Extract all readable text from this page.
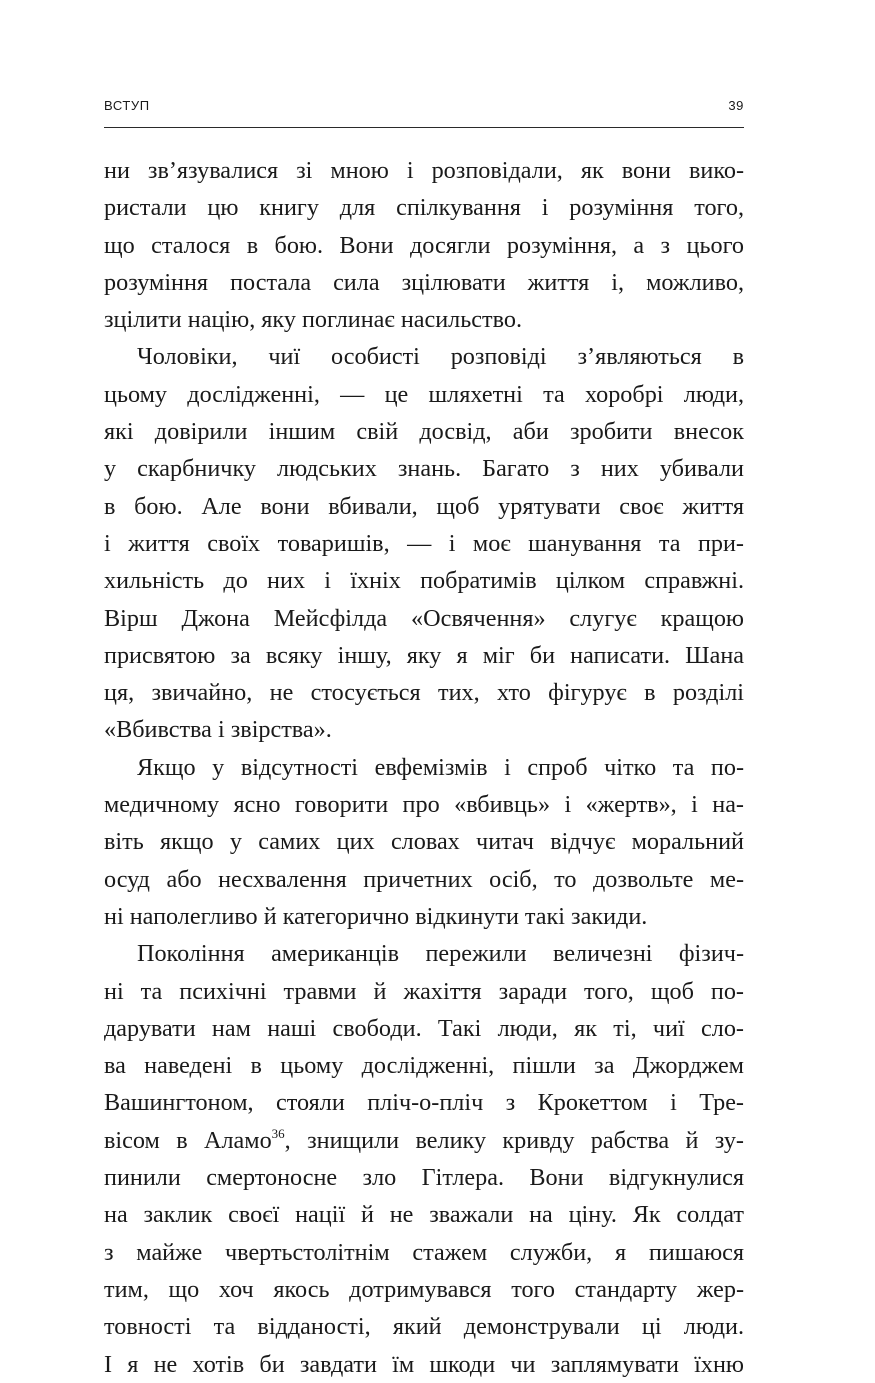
ВСТУП	39
ни зв’язувалися зі мною і розповідали, як вони вико-
ристали цю книгу для спілкування і розуміння того,
що сталося в бою. Вони досягли розуміння, а з цього
розуміння постала сила зцілювати життя і, можливо,
зцілити націю, яку поглинає насильство.
Чоловіки, чиї особисті розповіді з’являються в
цьому дослідженні, — це шляхетні та хоробрі люди,
які довірили іншим свій досвід, аби зробити внесок
у скарбничку людських знань. Багато з них убивали
в бою. Але вони вбивали, щоб урятувати своє життя
і життя своїх товаришів, — і моє шанування та при-
хильність до них і їхніх побратимів цілком справжні.
Вірш Джона Мейсфілда «Освячення» слугує кращою
присвятою за всяку іншу, яку я міг би написати. Шана
ця, звичайно, не стосується тих, хто фігурує в розділі
«Вбивства і звірства».
Якщо у відсутності евфемізмів і спроб чітко та по-
медичному ясно говорити про «вбивць» і «жертв», і на-
віть якщо у самих цих словах читач відчує моральний
осуд або несхвалення причетних осіб, то дозвольте ме-
ні наполегливо й категорично відкинути такі закиди.
Покоління американців пережили величезні фізич-
ні та психічні травми й жахіття заради того, щоб по-
дарувати нам наші свободи. Такі люди, як ті, чиї сло-
ва наведені в цьому дослідженні, пішли за Джорджем
Вашингтоном, стояли пліч-о-пліч з Крокеттом і Тре-
вісом в Аламо$^{36}$, знищили велику кривду рабства й зу-
пинили смертоносне зло Гітлера. Вони відгукнулися
на заклик своєї нації й не зважали на ціну. Як солдат
з майже чвертьстолітнім стажем служби, я пишаюся
тим, що хоч якось дотримувався того стандарту жер-
товності та відданості, який демонстрували ці люди.
І я не хотів би завдати їм шкоди чи заплямувати їхню
